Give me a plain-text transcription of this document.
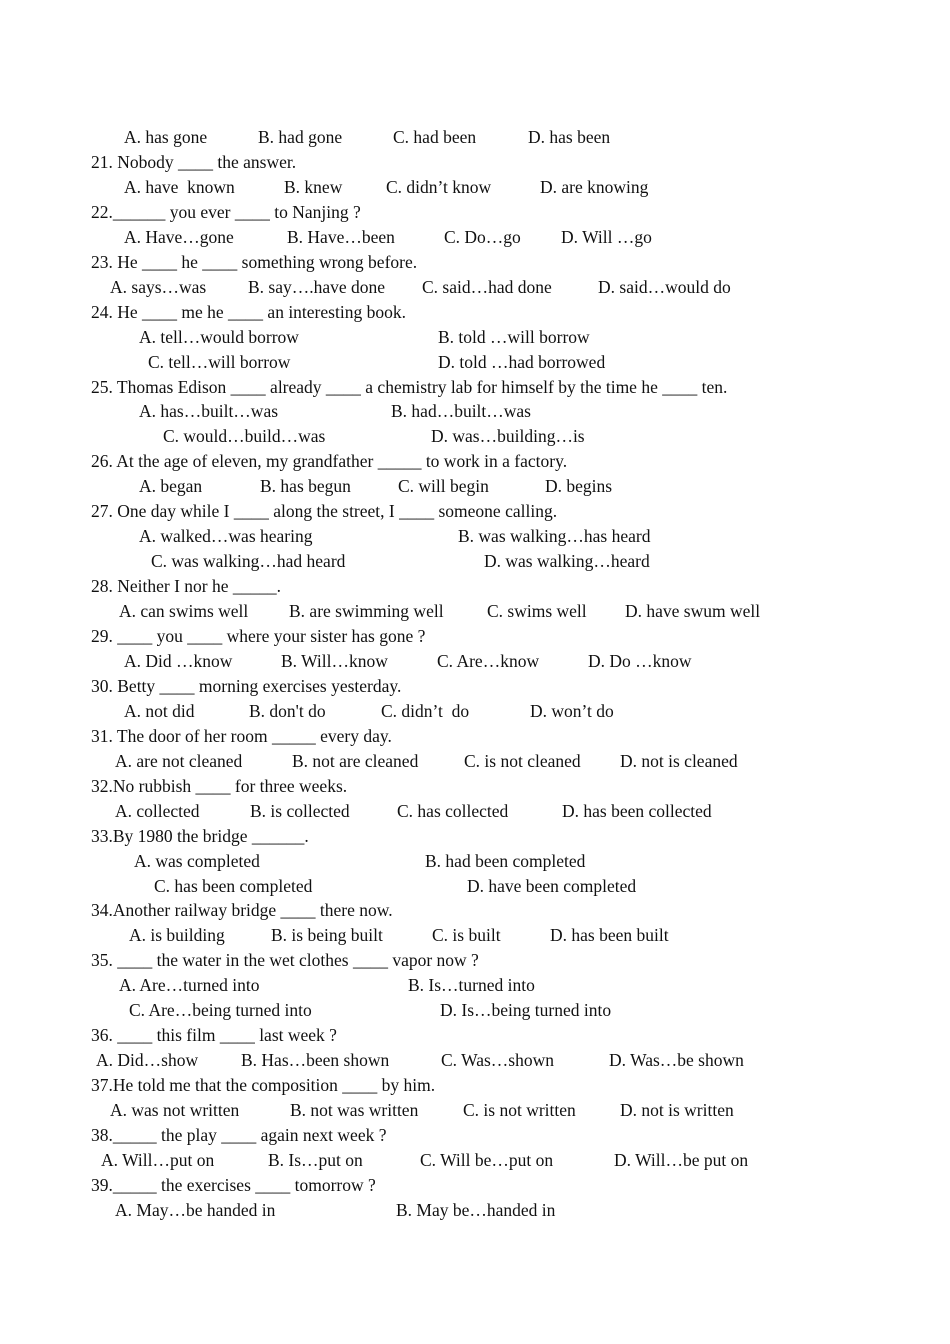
A. has gone	B. had gone	C. had been	D. has been
21. Nobody ____ the answer.
A. have  known	B. knew C. didn’t know	D. are knowing
22.______ you ever ____ to Nanjing ?
A. Have…gone	B. Have…been	C. Do…go D. Will …go
23. He ____ he ____ something wrong before.
A. says…was B. say….have done C. said…had done	D. said…would do
24. He ____ me he ____ an interesting book.
A. tell…would borrow	B. told …will borrow
C. tell…will borrow	D. told …had borrowed
25. Thomas Edison ____ already ____ a chemistry lab for himself by the time he ____ ten.
A. has…built…was	B. had…built…was
C. would…build…was	D. was…building…is
26. At the age of eleven, my grandfather _____ to work in a factory.
A. began	B. has begun	C. will begin	D. begins
27. One day while I ____ along the street, I ____ someone calling.
A. walked…was hearing	B. was walking…has heard
C. was walking…had heard	D. was walking…heard
28. Neither I nor he _____.
A. can swims well B. are swimming well C. swims well D. have swum well
29. ____ you ____ where your sister has gone ?
A. Did …know	B. Will…know	C. Are…know	D. Do …know
30. Betty ____ morning exercises yesterday.
A. not did	B. don't do	C. didn’t  do	D. won’t do
31. The door of her room _____ every day.
A. are not cleaned	B. not are cleaned	C. is not cleaned D. not is cleaned
32.No rubbish ____ for three weeks.
A. collected	B. is collected	C. has collected	D. has been collected
33.By 1980 the bridge ______.
A. was completed	B. had been completed
C. has been completed	D. have been completed
34.Another railway bridge ____ there now.
A. is building	B. is being built	C. is built	D. has been built
35. ____ the water in the wet clothes ____ vapor now ?
A. Are…turned into	B. Is…turned into
C. Are…being turned into	D. Is…being turned into
36. ____ this film ____ last week ?
A. Did…show B. Has…been shown	C. Was…shown	D. Was…be shown
37.He told me that the composition ____ by him.
A. was not written	B. not was written	C. is not written	D. not is written
38._____ the play ____ again next week ?
A. Will…put on	B. Is…put on	C. Will be…put on	D. Will…be put on
39._____ the exercises ____ tomorrow ?
A. May…be handed in	B. May be…handed in
